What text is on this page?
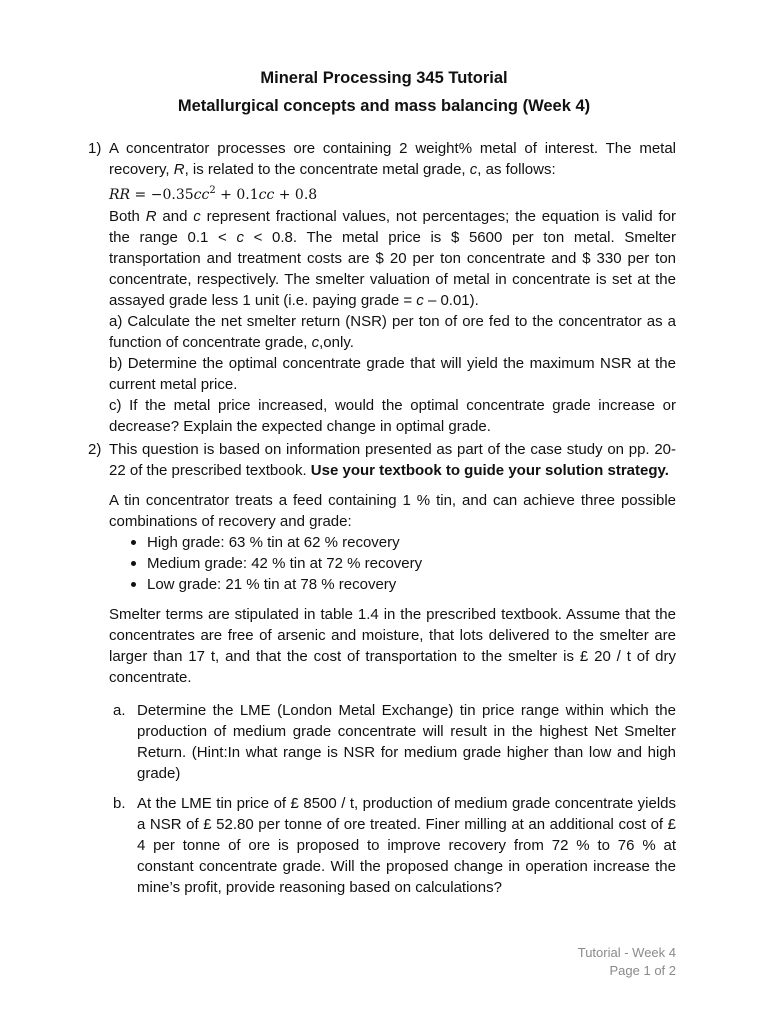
Mineral Processing 345 Tutorial
Metallurgical concepts and mass balancing (Week 4)
1) A concentrator processes ore containing 2 weight% metal of interest. The metal recovery, R, is related to the concentrate metal grade, c, as follows:

RR = $-0.35cc^2 + 0.1cc + 0.8$

Both R and c represent fractional values, not percentages; the equation is valid for the range 0.1 < c < 0.8. The metal price is $ 5600 per ton metal. Smelter transportation and treatment costs are $ 20 per ton concentrate and $ 330 per ton concentrate, respectively. The smelter valuation of metal in concentrate is set at the assayed grade less 1 unit (i.e. paying grade = c – 0.01).

a) Calculate the net smelter return (NSR) per ton of ore fed to the concentrator as a function of concentrate grade, c,only.

b) Determine the optimal concentrate grade that will yield the maximum NSR at the current metal price.

c) If the metal price increased, would the optimal concentrate grade increase or decrease? Explain the expected change in optimal grade.

2) This question is based on information presented as part of the case study on pp. 20-22 of the prescribed textbook. Use your textbook to guide your solution strategy.

A tin concentrator treats a feed containing 1 % tin, and can achieve three possible combinations of recovery and grade:

High grade: 63 % tin at 62 % recovery
Medium grade: 42 % tin at 72 % recovery
Low grade: 21 % tin at 78 % recovery

Smelter terms are stipulated in table 1.4 in the prescribed textbook. Assume that the concentrates are free of arsenic and moisture, that lots delivered to the smelter are larger than 17 t, and that the cost of transportation to the smelter is £ 20 / t of dry concentrate.

a. Determine the LME (London Metal Exchange) tin price range within which the production of medium grade concentrate will result in the highest Net Smelter Return. (Hint:In what range is NSR for medium grade higher than low and high grade)
b. At the LME tin price of £ 8500 / t, production of medium grade concentrate yields a NSR of £ 52.80 per tonne of ore treated. Finer milling at an additional cost of £ 4 per tonne of ore is proposed to improve recovery from 72 % to 76 % at constant concentrate grade. Will the proposed change in operation increase the mine’s profit, provide reasoning based on calculations?
Tutorial - Week 4
Page 1 of 2
